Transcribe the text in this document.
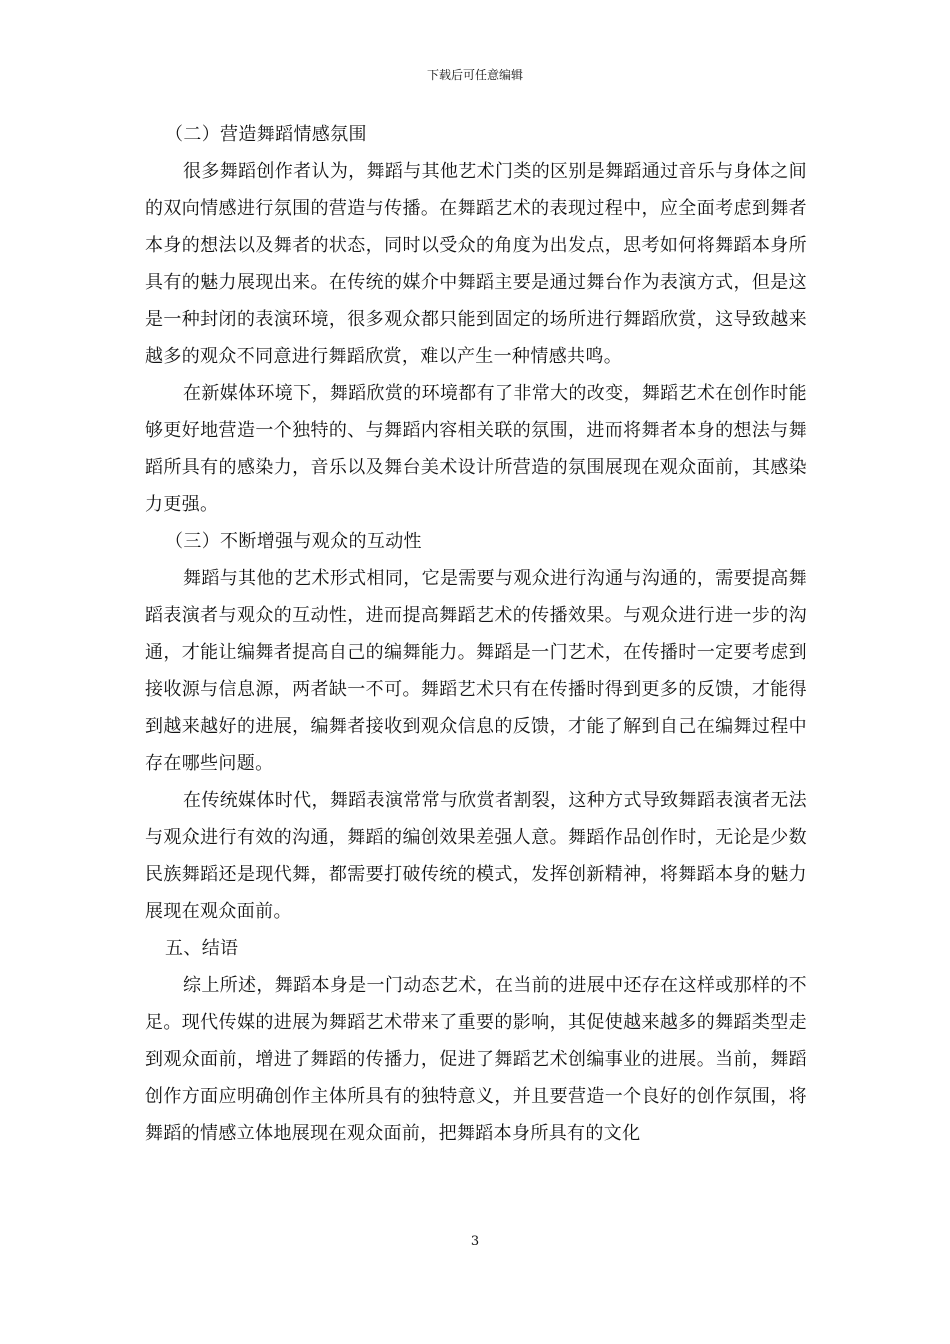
下载后可任意编辑

（二）营造舞蹈情感氛围

很多舞蹈创作者认为，舞蹈与其他艺术门类的区别是舞蹈通过音乐与身体之间的双向情感进行氛围的营造与传播。在舞蹈艺术的表现过程中，应全面考虑到舞者本身的想法以及舞者的状态，同时以受众的角度为出发点，思考如何将舞蹈本身所具有的魅力展现出来。在传统的媒介中舞蹈主要是通过舞台作为表演方式，但是这是一种封闭的表演环境，很多观众都只能到固定的场所进行舞蹈欣赏，这导致越来越多的观众不同意进行舞蹈欣赏，难以产生一种情感共鸣。

在新媒体环境下，舞蹈欣赏的环境都有了非常大的改变，舞蹈艺术在创作时能够更好地营造一个独特的、与舞蹈内容相关联的氛围，进而将舞者本身的想法与舞蹈所具有的感染力，音乐以及舞台美术设计所营造的氛围展现在观众面前，其感染力更强。

（三）不断增强与观众的互动性

舞蹈与其他的艺术形式相同，它是需要与观众进行沟通与沟通的，需要提高舞蹈表演者与观众的互动性，进而提高舞蹈艺术的传播效果。与观众进行进一步的沟通，才能让编舞者提高自己的编舞能力。舞蹈是一门艺术，在传播时一定要考虑到接收源与信息源，两者缺一不可。舞蹈艺术只有在传播时得到更多的反馈，才能得到越来越好的进展，编舞者接收到观众信息的反馈，才能了解到自己在编舞过程中存在哪些问题。

在传统媒体时代，舞蹈表演常常与欣赏者割裂，这种方式导致舞蹈表演者无法与观众进行有效的沟通，舞蹈的编创效果差强人意。舞蹈作品创作时，无论是少数民族舞蹈还是现代舞，都需要打破传统的模式，发挥创新精神，将舞蹈本身的魅力展现在观众面前。

五、结语

综上所述，舞蹈本身是一门动态艺术，在当前的进展中还存在这样或那样的不足。现代传媒的进展为舞蹈艺术带来了重要的影响，其促使越来越多的舞蹈类型走到观众面前，增进了舞蹈的传播力，促进了舞蹈艺术创编事业的进展。当前，舞蹈创作方面应明确创作主体所具有的独特意义，并且要营造一个良好的创作氛围，将舞蹈的情感立体地展现在观众面前，把舞蹈本身所具有的文化

3
